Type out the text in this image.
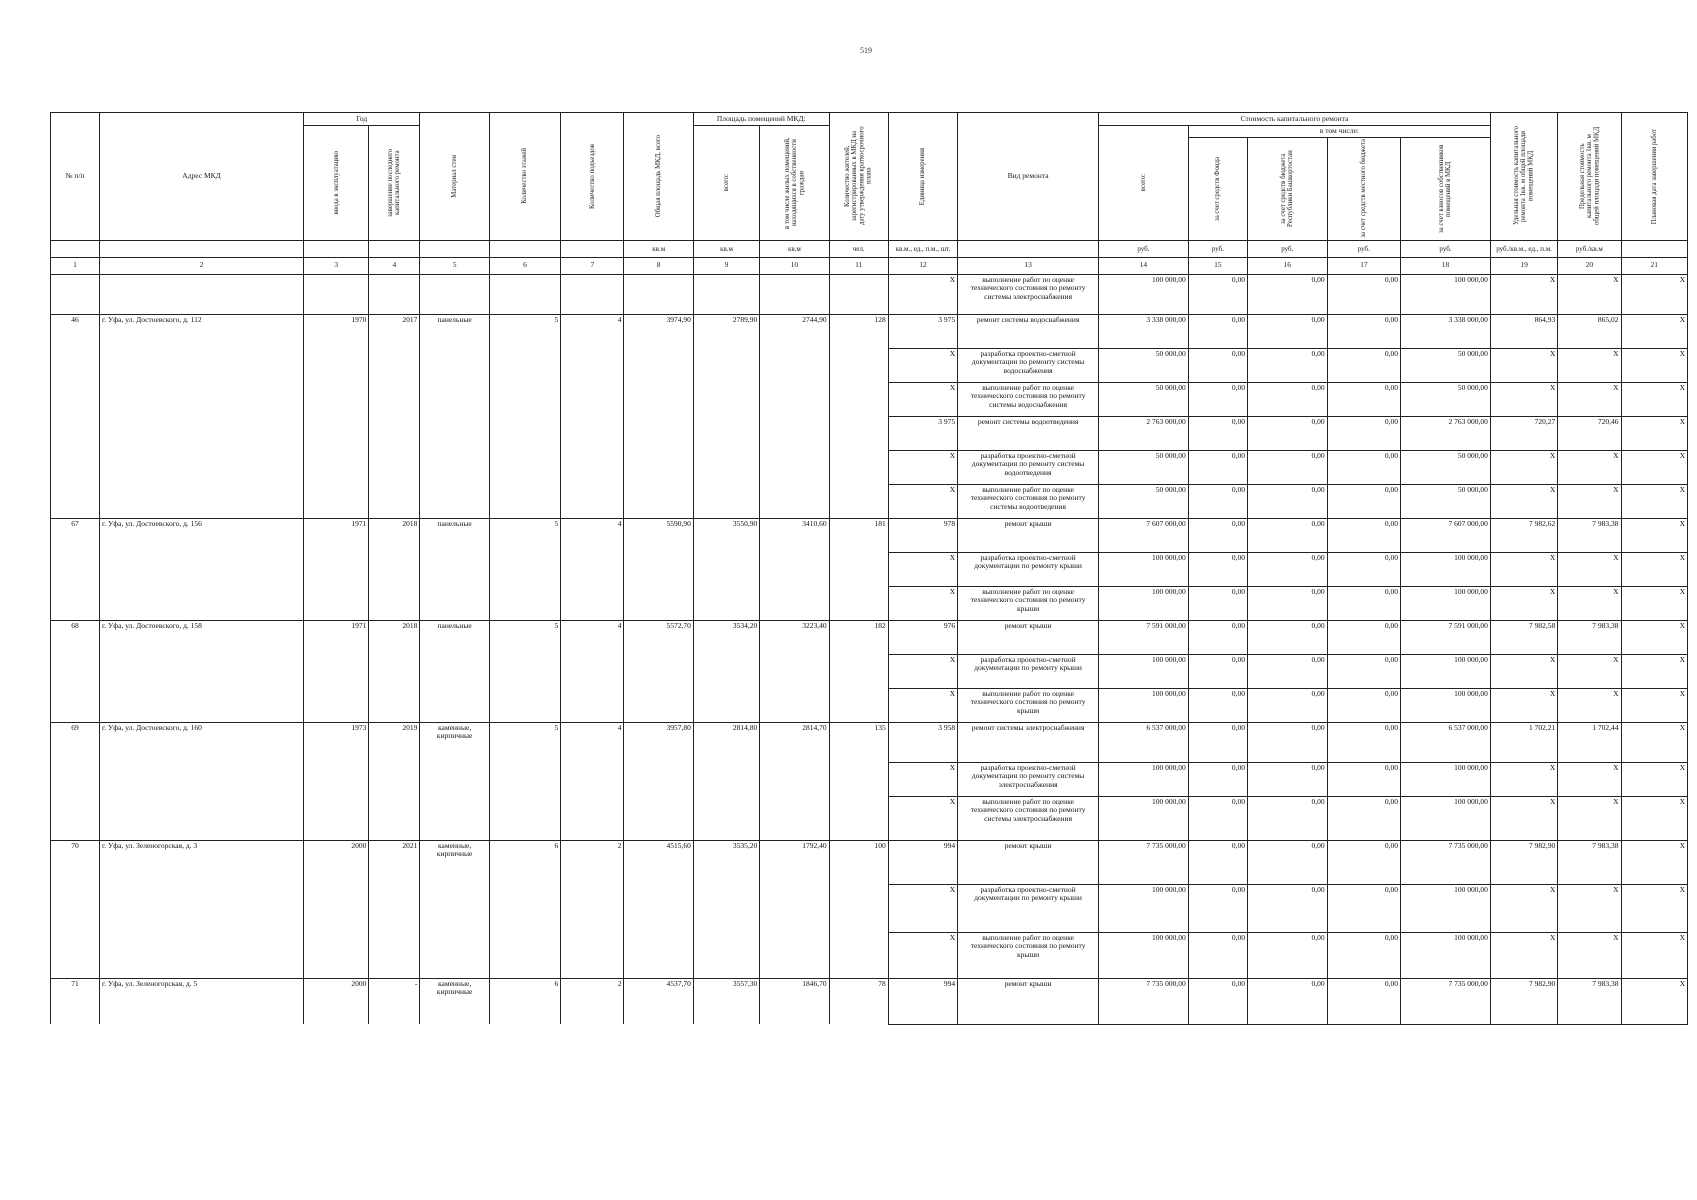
519
№ п/п	Адрес МКД	Год		Материал стен	Количество этажей	Количество подъездов	Общая площадь МКД, всего	Площадь помещений МКД:		Количество жителей, зарегистрированных в МКД на дату утверждения краткосрочного плана	Единица измерения	Вид ремонта	Стоимость капитального ремонта					Удельная стоимость капитального ремонта 1кв. м общей площади помещений МКД	Предельная стоимость капитального ремонта 1кв. м общей площади помещений МКД	Плановая дата завершения работ

		ввода в эксплуатацию	завершение последнего капитального ремонта					всего:	в том числе жилых помещений, находящихся в собственности граждан				всего:	в том числе:						

														за счет средств Фонда	за счет средств бюджета Республики Башкортостан	за счет средств местного бюджета	за счет взносов собственников помещений в МКД			

							кв.м	кв.м	кв.м	чел.	кв.м., ед., п.м., шт.		руб.	руб.	руб.	руб.	руб.	руб./кв.м., ед., п.м.	руб./кв.м	
1	2	3	4	5	6	7	8	9	10	11	12	13	14	15	16	17	18	19	20	21
											X	выполнение работ по оценке технического состояния по ремонту системы электроснабжения	100 000,00	0,00	0,00	0,00	100 000,00	X	X	X
46	г. Уфа, ул. Достоевского, д. 112	1970	2017	панельные	5	4	3974,90	2789,90	2744,90	128	3 975	ремонт системы водоснабжения	3 338 000,00	0,00	0,00	0,00	3 338 000,00	864,93	865,02	X
											X	разработка проектно-сметной документации по ремонту системы водоснабжения	50 000,00	0,00	0,00	0,00	50 000,00	X	X	X
											X	выполнение работ по оценке технического состояния по ремонту системы водоснабжения	50 000,00	0,00	0,00	0,00	50 000,00	X	X	X
											3 975	ремонт системы водоотведения	2 763 000,00	0,00	0,00	0,00	2 763 000,00	720,27	720,46	X
											X	разработка проектно-сметной документации по ремонту системы водоотведения	50 000,00	0,00	0,00	0,00	50 000,00	X	X	X
											X	выполнение работ по оценке технического состояния по ремонту системы водоотведения	50 000,00	0,00	0,00	0,00	50 000,00	X	X	X
67	г. Уфа, ул. Достоевского, д. 156	1971	2018	панельные	5	4	5590,90	3550,90	3410,60	181	978	ремонт крыши	7 607 000,00	0,00	0,00	0,00	7 607 000,00	7 982,62	7 983,38	X
											X	разработка проектно-сметной документации по ремонту крыши	100 000,00	0,00	0,00	0,00	100 000,00	X	X	X
											X	выполнение работ по оценке технического состояния по ремонту крыши	100 000,00	0,00	0,00	0,00	100 000,00	X	X	X
68	г. Уфа, ул. Достоевского, д. 158	1971	2018	панельные	5	4	5572,70	3534,20	3223,40	182	976	ремонт крыши	7 591 000,00	0,00	0,00	0,00	7 591 000,00	7 982,58	7 983,38	X
											X	разработка проектно-сметной документации по ремонту крыши	100 000,00	0,00	0,00	0,00	100 000,00	X	X	X
											X	выполнение работ по оценке технического состояния по ремонту крыши	100 000,00	0,00	0,00	0,00	100 000,00	X	X	X
69	г. Уфа, ул. Достоевского, д. 160	1973	2019	каменные, кирпичные	5	4	3957,80	2814,80	2814,70	135	3 958	ремонт системы электроснабжения	6 537 000,00	0,00	0,00	0,00	6 537 000,00	1 702,21	1 702,44	X
											X	разработка проектно-сметной документации по ремонту системы электроснабжения	100 000,00	0,00	0,00	0,00	100 000,00	X	X	X
											X	выполнение работ по оценке технического состояния по ремонту системы электроснабжения	100 000,00	0,00	0,00	0,00	100 000,00	X	X	X
70	г. Уфа, ул. Зеленогорская, д. 3	2000	2021	каменные, кирпичные	6	2	4515,60	3535,20	1792,40	100	994	ремонт крыши	7 735 000,00	0,00	0,00	0,00	7 735 000,00	7 982,90	7 983,38	X
											X	разработка проектно-сметной документации по ремонту крыши	100 000,00	0,00	0,00	0,00	100 000,00	X	X	X
											X	выполнение работ по оценке технического состояния по ремонту крыши	100 000,00	0,00	0,00	0,00	100 000,00	X	X	X
71	г. Уфа, ул. Зеленогорская, д. 5	2000	-	каменные, кирпичные	6	2	4537,70	3557,30	1846,70	78	994	ремонт крыши	7 735 000,00	0,00	0,00	0,00	7 735 000,00	7 982,90	7 983,38	X
